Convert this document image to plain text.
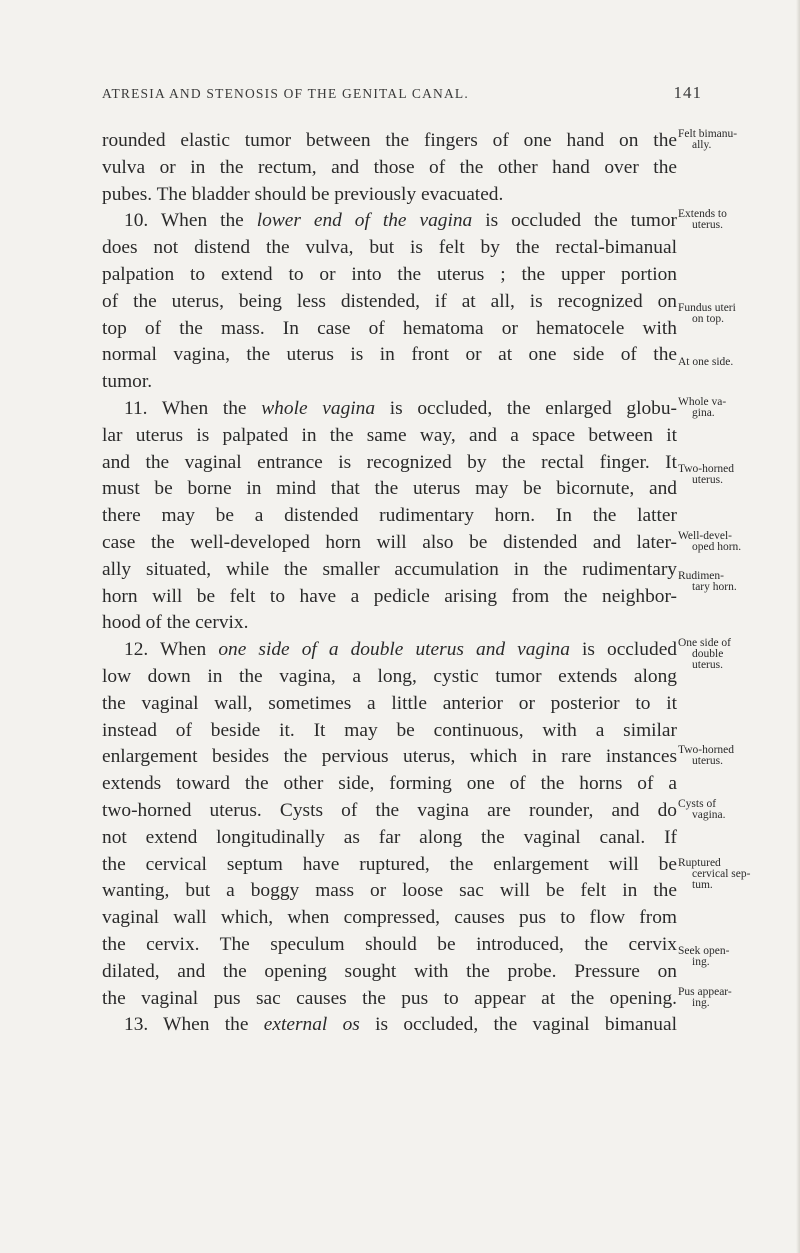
ATRESIA AND STENOSIS OF THE GENITAL CANAL.	141
rounded elastic tumor between the fingers of one hand on the
vulva or in the rectum, and those of the other hand over the
pubes. The bladder should be previously evacuated.
10. When the lower end of the vagina is occluded the tumor
does not distend the vulva, but is felt by the rectal-bimanual
palpation to extend to or into the uterus ; the upper portion
of the uterus, being less distended, if at all, is recognized on
top of the mass. In case of hematoma or hematocele with
normal vagina, the uterus is in front or at one side of the
tumor.
11. When the whole vagina is occluded, the enlarged globu-
lar uterus is palpated in the same way, and a space between it
and the vaginal entrance is recognized by the rectal finger. It
must be borne in mind that the uterus may be bicornute, and
there may be a distended rudimentary horn. In the latter
case the well-developed horn will also be distended and later-
ally situated, while the smaller accumulation in the rudimentary
horn will be felt to have a pedicle arising from the neighbor-
hood of the cervix.
12. When one side of a double uterus and vagina is occluded
low down in the vagina, a long, cystic tumor extends along
the vaginal wall, sometimes a little anterior or posterior to it
instead of beside it. It may be continuous, with a similar
enlargement besides the pervious uterus, which in rare instances
extends toward the other side, forming one of the horns of a
two-horned uterus. Cysts of the vagina are rounder, and do
not extend longitudinally as far along the vaginal canal. If
the cervical septum have ruptured, the enlargement will be
wanting, but a boggy mass or loose sac will be felt in the
vaginal wall which, when compressed, causes pus to flow from
the cervix. The speculum should be introduced, the cervix
dilated, and the opening sought with the probe. Pressure on
the vaginal pus sac causes the pus to appear at the opening.
13. When the external os is occluded, the vaginal bimanual
Felt bimanu-
ally.
Extends to
uterus.
Fundus uteri
on top.
At one side.
Whole va-
gina.
Two-horned
uterus.
Well-devel-
oped horn.
Rudimen-
tary horn.
One side of
double
uterus.
Two-horned
uterus.
Cysts of
vagina.
Ruptured
cervical sep-
tum.
Seek open-
ing.
Pus appear-
ing.
